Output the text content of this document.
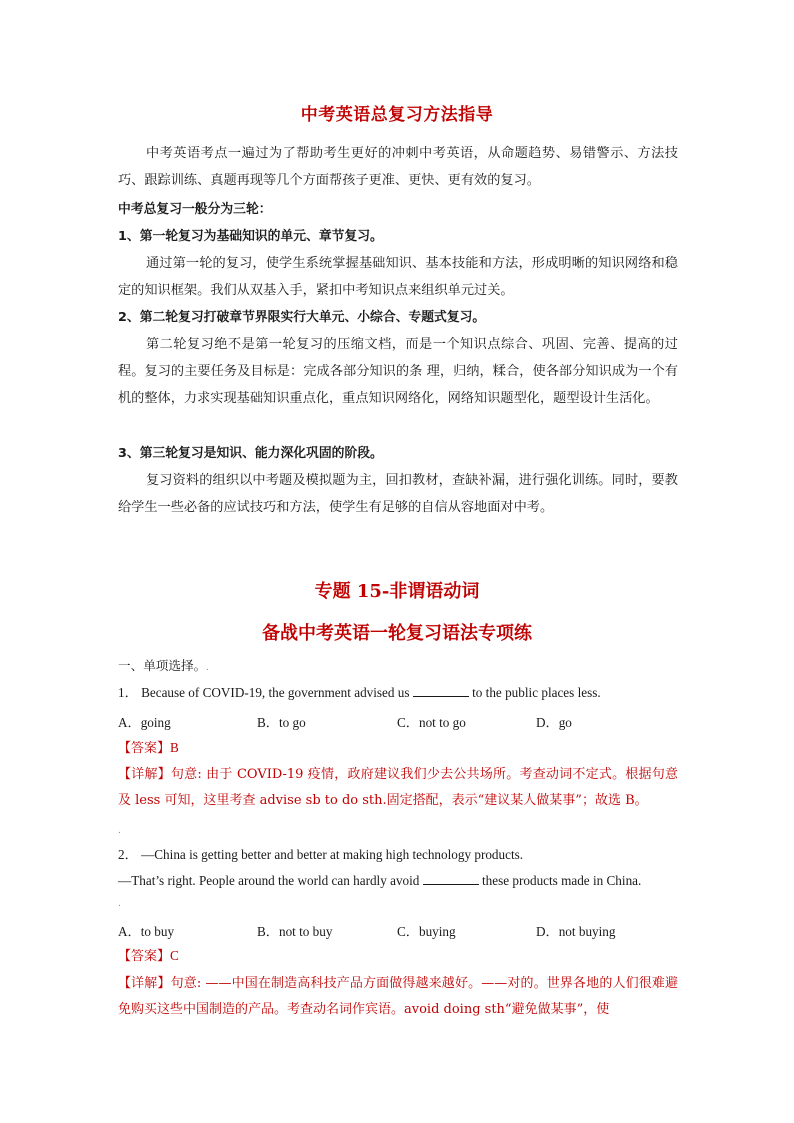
中考英语总复习方法指导
中考英语考点一遍过为了帮助考生更好的冲刺中考英语，从命题趋势、易错警示、方法技巧、跟踪训练、真题再现等几个方面帮孩子更准、更快、更有效的复习。
中考总复习一般分为三轮：
1、第一轮复习为基础知识的单元、章节复习。
通过第一轮的复习，使学生系统掌握基础知识、基本技能和方法，形成明晰的知识网络和稳定的知识框架。我们从双基入手，紧扣中考知识点来组织单元过关。
2、第二轮复习打破章节界限实行大单元、小综合、专题式复习。
第二轮复习绝不是第一轮复习的压缩文档，而是一个知识点综合、巩固、完善、提高的过程。复习的主要任务及目标是：完成各部分知识的条 理，归纳，糅合，使各部分知识成为一个有机的整体，力求实现基础知识重点化，重点知识网络化，网络知识题型化，题型设计生活化。
3、第三轮复习是知识、能力深化巩固的阶段。
复习资料的组织以中考题及模拟题为主，回扣教材，查缺补漏，进行强化训练。同时，要教给学生一些必备的应试技巧和方法，使学生有足够的自信从容地面对中考。
专题 15-非谓语动词
备战中考英语一轮复习语法专项练
一、单项选择。.
1． Because of COVID-19, the government advised us	to the public places less.
A．going	B．to go	C．not to go	D．go
【答案】B
【详解】句意: 由于 COVID-19 疫情，政府建议我们少去公共场所。考查动词不定式。根据句意及 less 可知，这里考查 advise sb to do sth.固定搭配，表示“建议某人做某事”；故选 B。
.
2． —China is getting better and better at making high technology products.
—That’s right. People around the world can hardly avoid	these products made in China.
.
A．to buy	B．not to buy	C．buying	D．not buying
【答案】C
【详解】句意: ——中国在制造高科技产品方面做得越来越好。——对的。世界各地的人们很难避免购买这些中国制造的产品。考查动名词作宾语。avoid doing sth“避免做某事”，使
